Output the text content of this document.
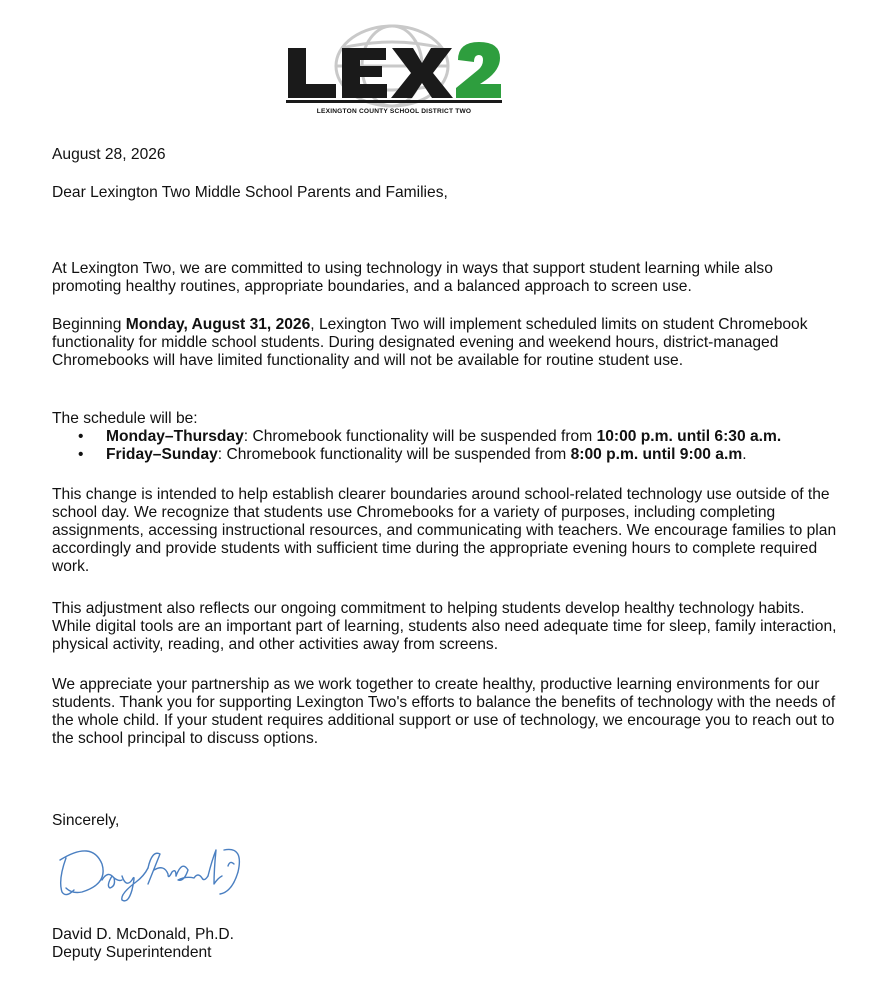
LEXINGTON COUNTY SCHOOL DISTRICT TWO

August 28, 2026

Dear Lexington Two Middle School Parents and Families,

At Lexington Two, we are committed to using technology in ways that support student learning while also promoting healthy routines, appropriate boundaries, and a balanced approach to screen use.

Beginning Monday, August 31, 2026, Lexington Two will implement scheduled limits on student Chromebook functionality for middle school students. During designated evening and weekend hours, district-managed Chromebooks will have limited functionality and will not be available for routine student use.

The schedule will be:

• Monday–Thursday: Chromebook functionality will be suspended from 10:00 p.m. until 6:30 a.m.
• Friday–Sunday: Chromebook functionality will be suspended from 8:00 p.m. until 9:00 a.m.

This change is intended to help establish clearer boundaries around school-related technology use outside of the school day. We recognize that students use Chromebooks for a variety of purposes, including completing assignments, accessing instructional resources, and communicating with teachers. We encourage families to plan accordingly and provide students with sufficient time during the appropriate evening hours to complete required work.

This adjustment also reflects our ongoing commitment to helping students develop healthy technology habits. While digital tools are an important part of learning, students also need adequate time for sleep, family interaction, physical activity, reading, and other activities away from screens.

We appreciate your partnership as we work together to create healthy, productive learning environments for our students. Thank you for supporting Lexington Two's efforts to balance the benefits of technology with the needs of the whole child. If your student requires additional support or use of technology, we encourage you to reach out to the school principal to discuss options.

Sincerely,

David D. McDonald, Ph.D.

Deputy Superintendent
